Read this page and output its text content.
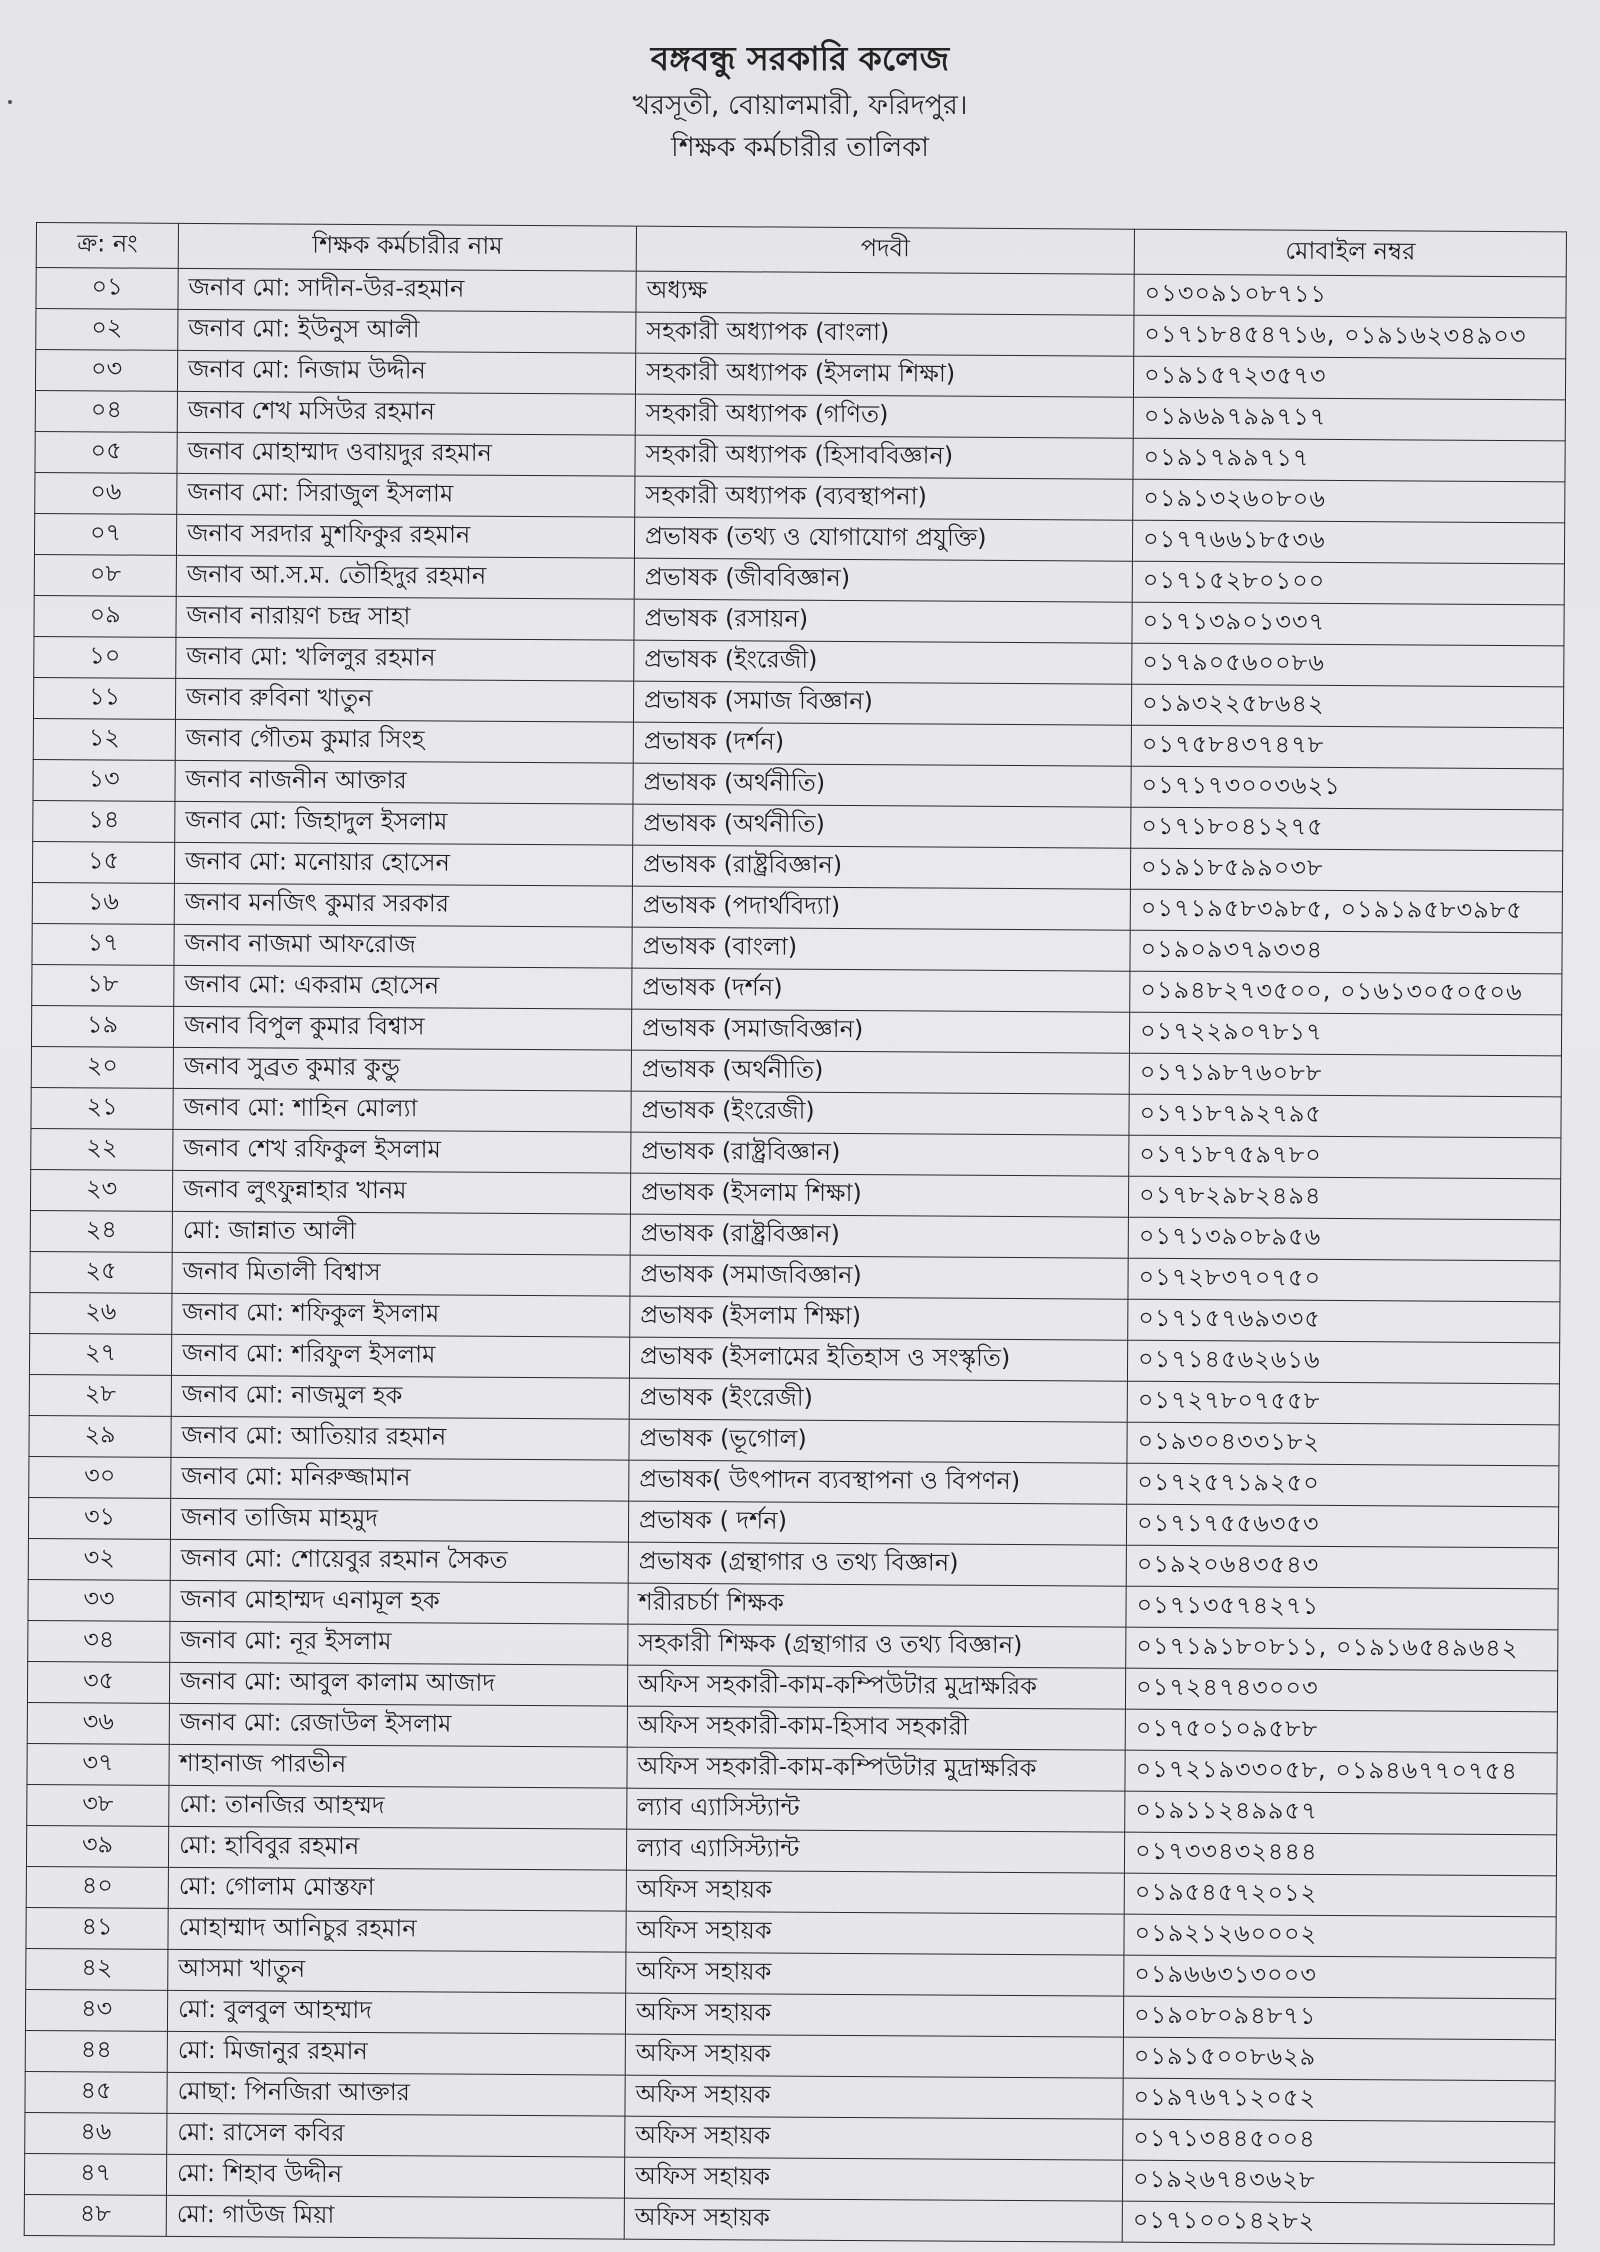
বঙ্গবন্ধু সরকারি কলেজ
খরসূতী, বোয়ালমারী, ফরিদপুর।
শিক্ষক কর্মচারীর তালিকা
ক্র: নং	শিক্ষক কর্মচারীর নাম	পদবী	মোবাইল নম্বর
০১	জনাব মো: সাদীন-উর-রহমান	অধ্যক্ষ	০১৩০৯১০৮৭১১
০২	জনাব মো: ইউনুস আলী	সহকারী অধ্যাপক (বাংলা)	০১৭১৮৪৫৪৭১৬, ০১৯১৬২৩৪৯০৩
০৩	জনাব মো: নিজাম উদ্দীন	সহকারী অধ্যাপক (ইসলাম শিক্ষা)	০১৯১৫৭২৩৫৭৩
০৪	জনাব শেখ মসিউর রহমান	সহকারী অধ্যাপক (গণিত)	০১৯৬৯৭৯৯৭১৭
০৫	জনাব মোহাম্মাদ ওবায়দুর রহমান	সহকারী অধ্যাপক (হিসাববিজ্ঞান)	০১৯১৭৯৯৭১৭
০৬	জনাব মো: সিরাজুল ইসলাম	সহকারী অধ্যাপক (ব্যবস্থাপনা)	০১৯১৩২৬০৮০৬
০৭	জনাব সরদার মুশফিকুর রহমান	প্রভাষক (তথ্য ও যোগাযোগ প্রযুক্তি)	০১৭৭৬৬১৮৫৩৬
০৮	জনাব আ.স.ম. তৌহিদুর রহমান	প্রভাষক (জীববিজ্ঞান)	০১৭১৫২৮০১০০
০৯	জনাব নারায়ণ চন্দ্র সাহা	প্রভাষক (রসায়ন)	০১৭১৩৯০১৩৩৭
১০	জনাব মো: খলিলুর রহমান	প্রভাষক (ইংরেজী)	০১৭৯০৫৬০০৮৬
১১	জনাব রুবিনা খাতুন	প্রভাষক (সমাজ বিজ্ঞান)	০১৯৩২২৫৮৬৪২
১২	জনাব গৌতম কুমার সিংহ	প্রভাষক (দর্শন)	০১৭৫৮৪৩৭৪৭৮
১৩	জনাব নাজনীন আক্তার	প্রভাষক (অর্থনীতি)	০১৭১৭৩০০৩৬২১
১৪	জনাব মো: জিহাদুল ইসলাম	প্রভাষক (অর্থনীতি)	০১৭১৮০৪১২৭৫
১৫	জনাব মো: মনোয়ার হোসেন	প্রভাষক (রাষ্ট্রবিজ্ঞান)	০১৯১৮৫৯৯০৩৮
১৬	জনাব মনজিৎ কুমার সরকার	প্রভাষক (পদার্থবিদ্যা)	০১৭১৯৫৮৩৯৮৫, ০১৯১৯৫৮৩৯৮৫
১৭	জনাব নাজমা আফরোজ	প্রভাষক (বাংলা)	০১৯০৯৩৭৯৩৩৪
১৮	জনাব মো: একরাম হোসেন	প্রভাষক (দর্শন)	০১৯৪৮২৭৩৫০০, ০১৬১৩০৫০৫০৬
১৯	জনাব বিপুল কুমার বিশ্বাস	প্রভাষক (সমাজবিজ্ঞান)	০১৭২২৯০৭৮১৭
২০	জনাব সুব্রত কুমার কুন্ডু	প্রভাষক (অর্থনীতি)	০১৭১৯৮৭৬০৮৮
২১	জনাব মো: শাহিন মোল্যা	প্রভাষক (ইংরেজী)	০১৭১৮৭৯২৭৯৫
২২	জনাব শেখ রফিকুল ইসলাম	প্রভাষক (রাষ্ট্রবিজ্ঞান)	০১৭১৮৭৫৯৭৮০
২৩	জনাব লুৎফুন্নাহার খানম	প্রভাষক (ইসলাম শিক্ষা)	০১৭৮২৯৮২৪৯৪
২৪	মো: জান্নাত আলী	প্রভাষক (রাষ্ট্রবিজ্ঞান)	০১৭১৩৯০৮৯৫৬
২৫	জনাব মিতালী বিশ্বাস	প্রভাষক (সমাজবিজ্ঞান)	০১৭২৮৩৭০৭৫০
২৬	জনাব মো: শফিকুল ইসলাম	প্রভাষক (ইসলাম শিক্ষা)	০১৭১৫৭৬৯৩৩৫
২৭	জনাব মো: শরিফুল ইসলাম	প্রভাষক (ইসলামের ইতিহাস ও সংস্কৃতি)	০১৭১৪৫৬২৬১৬
২৮	জনাব মো: নাজমুল হক	প্রভাষক (ইংরেজী)	০১৭২৭৮০৭৫৫৮
২৯	জনাব মো: আতিয়ার রহমান	প্রভাষক (ভূগোল)	০১৯৩০৪৩৩১৮২
৩০	জনাব মো: মনিরুজ্জামান	প্রভাষক( উৎপাদন ব্যবস্থাপনা ও বিপণন)	০১৭২৫৭১৯২৫০
৩১	জনাব তাজিম মাহমুদ	প্রভাষক ( দর্শন)	০১৭১৭৫৫৬৩৫৩
৩২	জনাব মো: শোয়েবুর রহমান সৈকত	প্রভাষক (গ্রন্থাগার ও তথ্য বিজ্ঞান)	০১৯২০৬৪৩৫৪৩
৩৩	জনাব মোহাম্মদ এনামূল হক	শরীরচর্চা শিক্ষক	০১৭১৩৫৭৪২৭১
৩৪	জনাব মো: নূর ইসলাম	সহকারী শিক্ষক (গ্রন্থাগার ও তথ্য বিজ্ঞান)	০১৭১৯১৮০৮১১, ০১৯১৬৫৪৯৬৪২
৩৫	জনাব মো: আবুল কালাম আজাদ	অফিস সহকারী-কাম-কম্পিউটার মুদ্রাক্ষরিক	০১৭২৪৭৪৩০০৩
৩৬	জনাব মো: রেজাউল ইসলাম	অফিস সহকারী-কাম-হিসাব সহকারী	০১৭৫০১০৯৫৮৮
৩৭	শাহানাজ পারভীন	অফিস সহকারী-কাম-কম্পিউটার মুদ্রাক্ষরিক	০১৭২১৯৩৩০৫৮, ০১৯৪৬৭৭০৭৫৪
৩৮	মো: তানজির আহম্মদ	ল্যাব এ্যাসিস্ট্যান্ট	০১৯১১২৪৯৯৫৭
৩৯	মো: হাবিবুর রহমান	ল্যাব এ্যাসিস্ট্যান্ট	০১৭৩৩৪৩২৪৪৪
৪০	মো: গোলাম মোস্তফা	অফিস সহায়ক	০১৯৫৪৫৭২০১২
৪১	মোহাম্মাদ আনিচুর রহমান	অফিস সহায়ক	০১৯২১২৬০০০২
৪২	আসমা খাতুন	অফিস সহায়ক	০১৯৬৬৩১৩০০৩
৪৩	মো: বুলবুল আহম্মাদ	অফিস সহায়ক	০১৯০৮০৯৪৮৭১
৪৪	মো: মিজানুর রহমান	অফিস সহায়ক	০১৯১৫০০৮৬২৯
৪৫	মোছা: পিনজিরা আক্তার	অফিস সহায়ক	০১৯৭৬৭১২০৫২
৪৬	মো: রাসেল কবির	অফিস সহায়ক	০১৭১৩৪৪৫০০৪
৪৭	মো: শিহাব উদ্দীন	অফিস সহায়ক	০১৯২৬৭৪৩৬২৮
৪৮	মো: গাউজ মিয়া	অফিস সহায়ক	০১৭১০০১৪২৮২
